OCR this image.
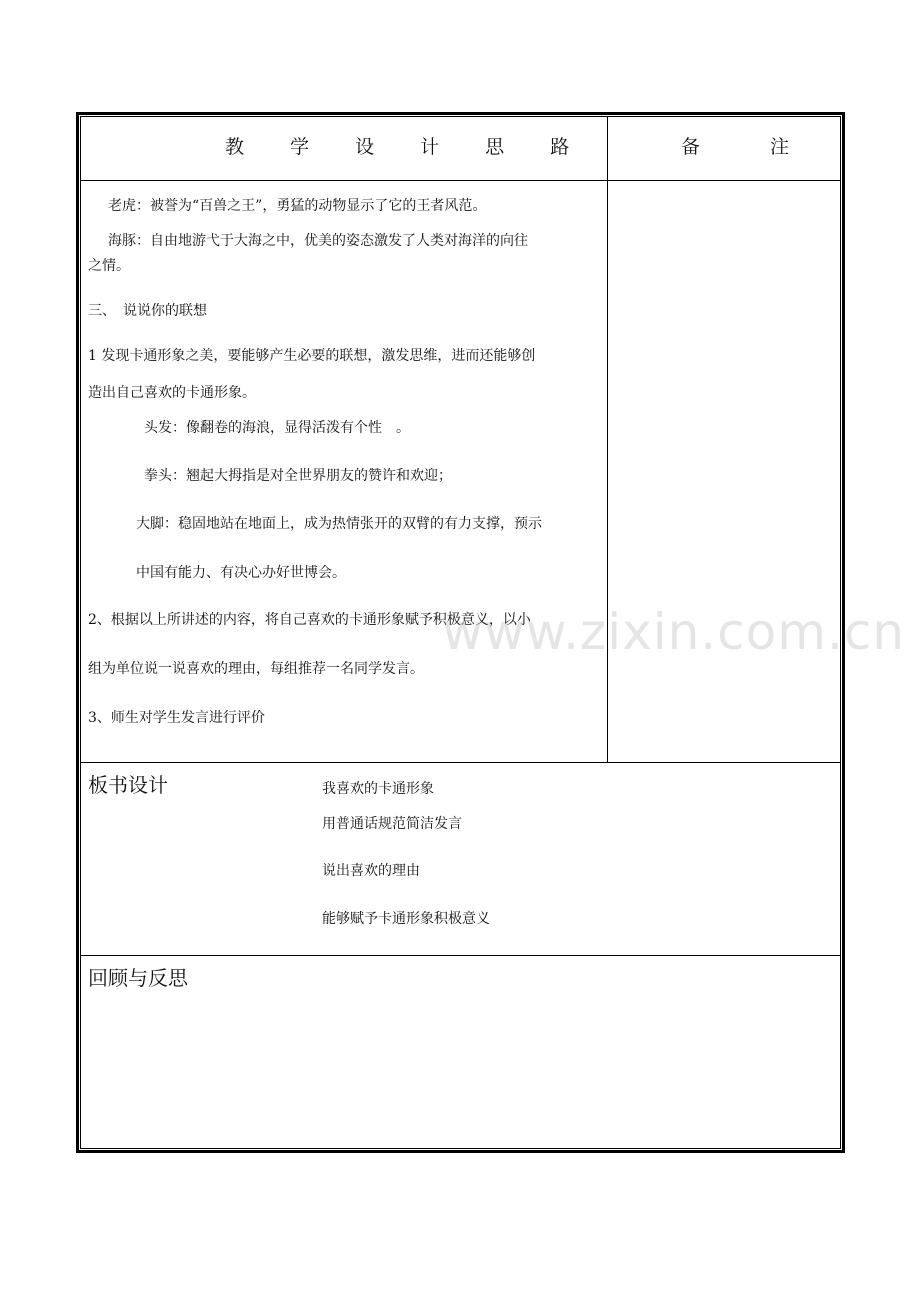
教 学 设 计 思 路	备 注
老虎：被誉为“百兽之王”，勇猛的动物显示了它的王者风范。
海豚：自由地游弋于大海之中，优美的姿态激发了人类对海洋的向往
之情。
三、　说说你的联想
1 发现卡通形象之美，要能够产生必要的联想，激发思维，进而还能够创
造出自己喜欢的卡通形象。
头发：像翻卷的海浪，显得活泼有个性　。
拳头：翘起大拇指是对全世界朋友的赞许和欢迎；
大脚：稳固地站在地面上，成为热情张开的双臂的有力支撑，预示
中国有能力、有决心办好世博会。
2、根据以上所讲述的内容，将自己喜欢的卡通形象赋予积极意义，以小
组为单位说一说喜欢的理由，每组推荐一名同学发言。
3、师生对学生发言进行评价
板书设计	我喜欢的卡通形象
用普通话规范简洁发言
说出喜欢的理由
能够赋予卡通形象积极意义
回顾与反思
www.zixin.com.cn
